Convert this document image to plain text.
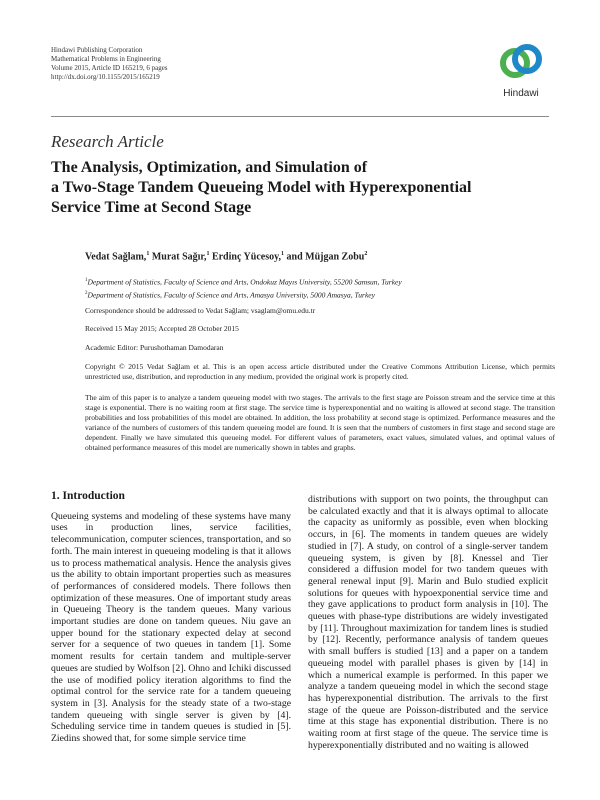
Hindawi Publishing Corporation
Mathematical Problems in Engineering
Volume 2015, Article ID 165219, 6 pages
http://dx.doi.org/10.1155/2015/165219
Hindawi
Research Article
The Analysis, Optimization, and Simulation of
a Two-Stage Tandem Queueing Model with Hyperexponential
Service Time at Second Stage
Vedat Sağlam,$^1$ Murat Sağır,$^1$ Erdinç Yücesoy,$^1$ and Müjgan Zobu$^2$
$^1$Department of Statistics, Faculty of Science and Arts, Ondokuz Mayıs University, 55200 Samsun, Turkey
$^2$Department of Statistics, Faculty of Science and Arts, Amasya University, 5000 Amasya, Turkey
Correspondence should be addressed to Vedat Sağlam; vsaglam@omu.edu.tr
Received 15 May 2015; Accepted 28 October 2015
Academic Editor: Purushothaman Damodaran
Copyright © 2015 Vedat Sağlam et al. This is an open access article distributed under the Creative Commons Attribution License, which permits unrestricted use, distribution, and reproduction in any medium, provided the original work is properly cited.
The aim of this paper is to analyze a tandem queueing model with two stages. The arrivals to the first stage are Poisson stream and the service time at this stage is exponential. There is no waiting room at first stage. The service time is hyperexponential and no waiting is allowed at second stage. The transition probabilities and loss probabilities of this model are obtained. In addition, the loss probability at second stage is optimized. Performance measures and the variance of the numbers of customers of this tandem queueing model are found. It is seen that the numbers of customers in first stage and second stage are dependent. Finally we have simulated this queueing model. For different values of parameters, exact values, simulated values, and optimal values of obtained performance measures of this model are numerically shown in tables and graphs.
1. Introduction

Queueing systems and modeling of these systems have many uses in production lines, service facilities, telecommunication, computer sciences, transportation, and so forth. The main interest in queueing modeling is that it allows us to process mathematical analysis. Hence the analysis gives us the ability to obtain important properties such as measures of performances of considered models. There follows then optimization of these measures. One of important study areas in Queueing Theory is the tandem queues. Many various important studies are done on tandem queues. Niu gave an upper bound for the stationary expected delay at second server for a sequence of two queues in tandem [1]. Some moment results for certain tandem and multiple-server queues are studied by Wolfson [2]. Ohno and Ichiki discussed the use of modified policy iteration algorithms to find the optimal control for the service rate for a tandem queueing system in [3]. Analysis for the steady state of a two-stage tandem queueing with single server is given by [4]. Scheduling service time in tandem queues is studied in [5]. Ziedins showed that, for some simple service time

distributions with support on two points, the throughput can be calculated exactly and that it is always optimal to allocate the capacity as uniformly as possible, even when blocking occurs, in [6]. The moments in tandem queues are widely studied in [7]. A study, on control of a single-server tandem queueing system, is given by [8]. Knessel and Tier considered a diffusion model for two tandem queues with general renewal input [9]. Marin and Bulo studied explicit solutions for queues with hypoexponential service time and they gave applications to product form analysis in [10]. The queues with phase-type distributions are widely investigated by [11]. Throughout maximization for tandem lines is studied by [12]. Recently, performance analysis of tandem queues with small buffers is studied [13] and a paper on a tandem queueing model with parallel phases is given by [14] in which a numerical example is performed. In this paper we analyze a tandem queueing model in which the second stage has hyperexponential distribution. The arrivals to the first stage of the queue are Poisson-distributed and the service time at this stage has exponential distribution. There is no waiting room at first stage of the queue. The service time is hyperexponentially distributed and no waiting is allowed
